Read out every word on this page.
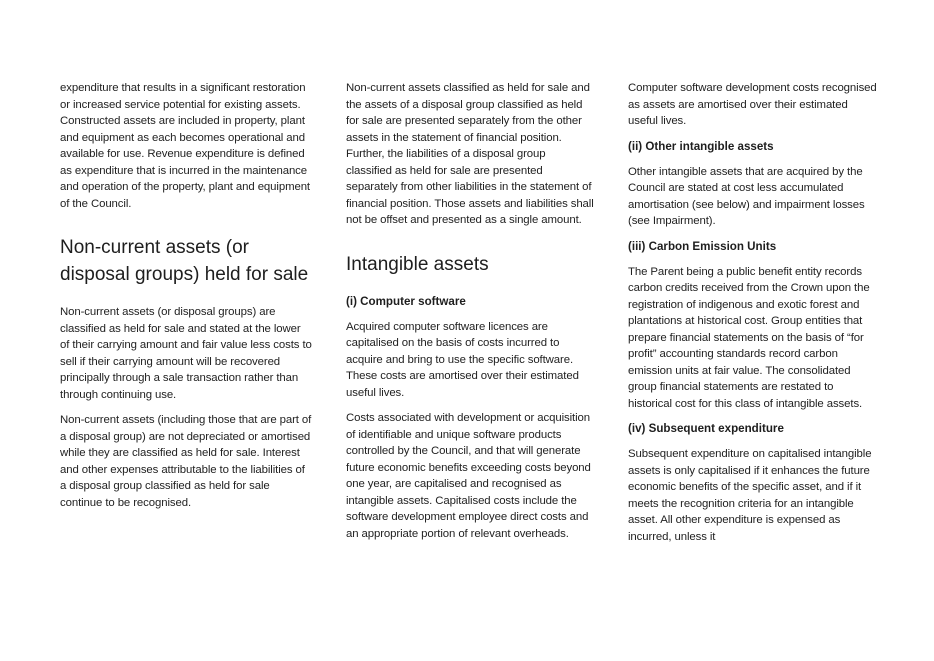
expenditure that results in a significant restoration or increased service potential for existing assets. Constructed assets are included in property, plant and equipment as each becomes operational and available for use. Revenue expenditure is defined as expenditure that is incurred in the maintenance and operation of the property, plant and equipment of the Council.

Non-current assets (or disposal groups) held for sale

Non-current assets (or disposal groups) are classified as held for sale and stated at the lower of their carrying amount and fair value less costs to sell if their carrying amount will be recovered principally through a sale transaction rather than through continuing use.

Non-current assets (including those that are part of a disposal group) are not depreciated or amortised while they are classified as held for sale. Interest and other expenses attributable to the liabilities of a disposal group classified as held for sale continue to be recognised.

Non-current assets classified as held for sale and the assets of a disposal group classified as held for sale are presented separately from the other assets in the statement of financial position. Further, the liabilities of a disposal group classified as held for sale are presented separately from other liabilities in the statement of financial position. Those assets and liabilities shall not be offset and presented as a single amount.

Intangible assets
(i) Computer software

Acquired computer software licences are capitalised on the basis of costs incurred to acquire and bring to use the specific software. These costs are amortised over their estimated useful lives.

Costs associated with development or acquisition of identifiable and unique software products controlled by the Council, and that will generate future economic benefits exceeding costs beyond one year, are capitalised and recognised as intangible assets. Capitalised costs include the software development employee direct costs and an appropriate portion of relevant overheads.

Computer software development costs recognised as assets are amortised over their estimated useful lives.

(ii) Other intangible assets

Other intangible assets that are acquired by the Council are stated at cost less accumulated amortisation (see below) and impairment losses (see Impairment).

(iii) Carbon Emission Units

The Parent being a public benefit entity records carbon credits received from the Crown upon the registration of indigenous and exotic forest and plantations at historical cost. Group entities that prepare financial statements on the basis of “for profit” accounting standards record carbon emission units at fair value. The consolidated group financial statements are restated to historical cost for this class of intangible assets.

(iv) Subsequent expenditure

Subsequent expenditure on capitalised intangible assets is only capitalised if it enhances the future economic benefits of the specific asset, and if it meets the recognition criteria for an intangible asset. All other expenditure is expensed as incurred, unless it
